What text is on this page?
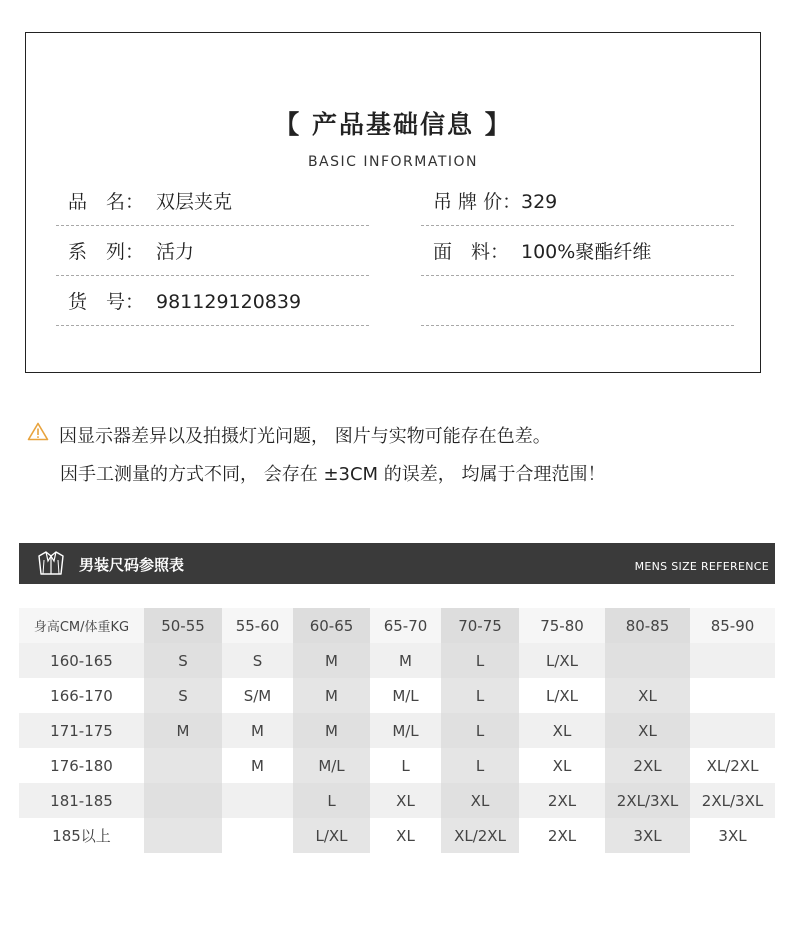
【 产品基础信息 】

BASIC INFORMATION

品　名： 双层夹克
系　列： 活力
货　号： 981129120839
吊 牌 价：329
面　料： 100%聚酯纤维
因显示器差异以及拍摄灯光问题， 图片与实物可能存在色差。
因手工测量的方式不同， 会存在 ±3CM 的误差， 均属于合理范围！
男装尺码参照表	MENS SIZE REFERENCE
身高CM/体重KG	50-55	55-60	60-65	65-70	70-75	75-80	80-85	85-90
160-165	S	S	M	M	L	L/XL		
166-170	S	S/M	M	M/L	L	L/XL	XL	
171-175	M	M	M	M/L	L	XL	XL	
176-180		M	M/L	L	L	XL	2XL	XL/2XL
181-185			L	XL	XL	2XL	2XL/3XL	2XL/3XL
185以上			L/XL	XL	XL/2XL	2XL	3XL	3XL
